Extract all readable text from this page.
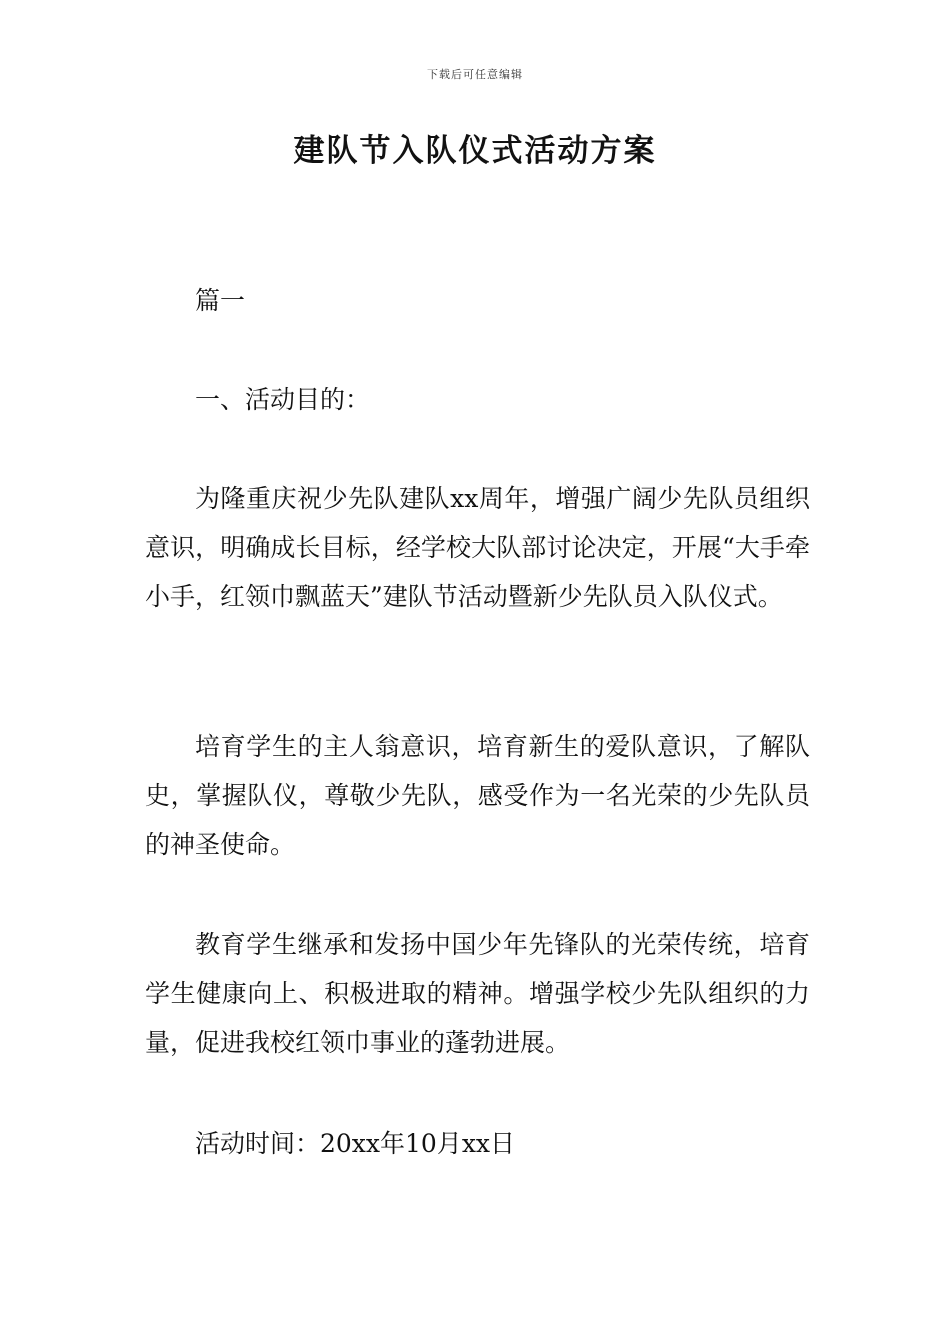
下载后可任意编辑
建队节入队仪式活动方案

篇一

一、活动目的：

为隆重庆祝少先队建队xx周年，增强广阔少先队员组织意识，明确成长目标，经学校大队部讨论决定，开展“大手牵小手，红领巾飘蓝天”建队节活动暨新少先队员入队仪式。

培育学生的主人翁意识，培育新生的爱队意识，了解队史，掌握队仪，尊敬少先队，感受作为一名光荣的少先队员的神圣使命。

教育学生继承和发扬中国少年先锋队的光荣传统，培育学生健康向上、积极进取的精神。增强学校少先队组织的力量，促进我校红领巾事业的蓬勃进展。

活动时间：20xx年10月xx日
